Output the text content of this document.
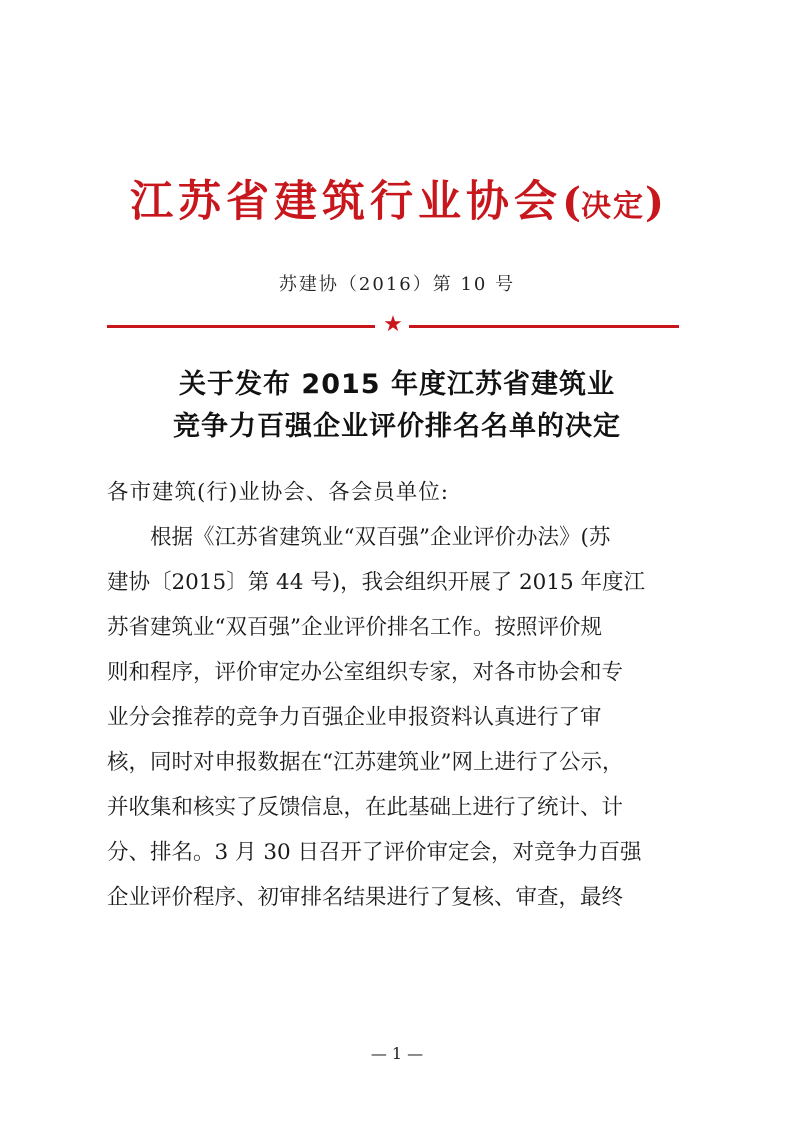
江苏省建筑行业协会(决定)
苏建协（2016）第 10 号
★
关于发布 2015 年度江苏省建筑业
竞争力百强企业评价排名名单的决定
各市建筑(行)业协会、各会员单位:
根据《江苏省建筑业“双百强”企业评价办法》(苏
建协〔2015〕第 44 号)，我会组织开展了 2015 年度江
苏省建筑业“双百强”企业评价排名工作。按照评价规
则和程序，评价审定办公室组织专家，对各市协会和专
业分会推荐的竞争力百强企业申报资料认真进行了审
核，同时对申报数据在“江苏建筑业”网上进行了公示，
并收集和核实了反馈信息，在此基础上进行了统计、计
分、排名。3 月 30 日召开了评价审定会，对竞争力百强
企业评价程序、初审排名结果进行了复核、审查，最终
— 1 —
